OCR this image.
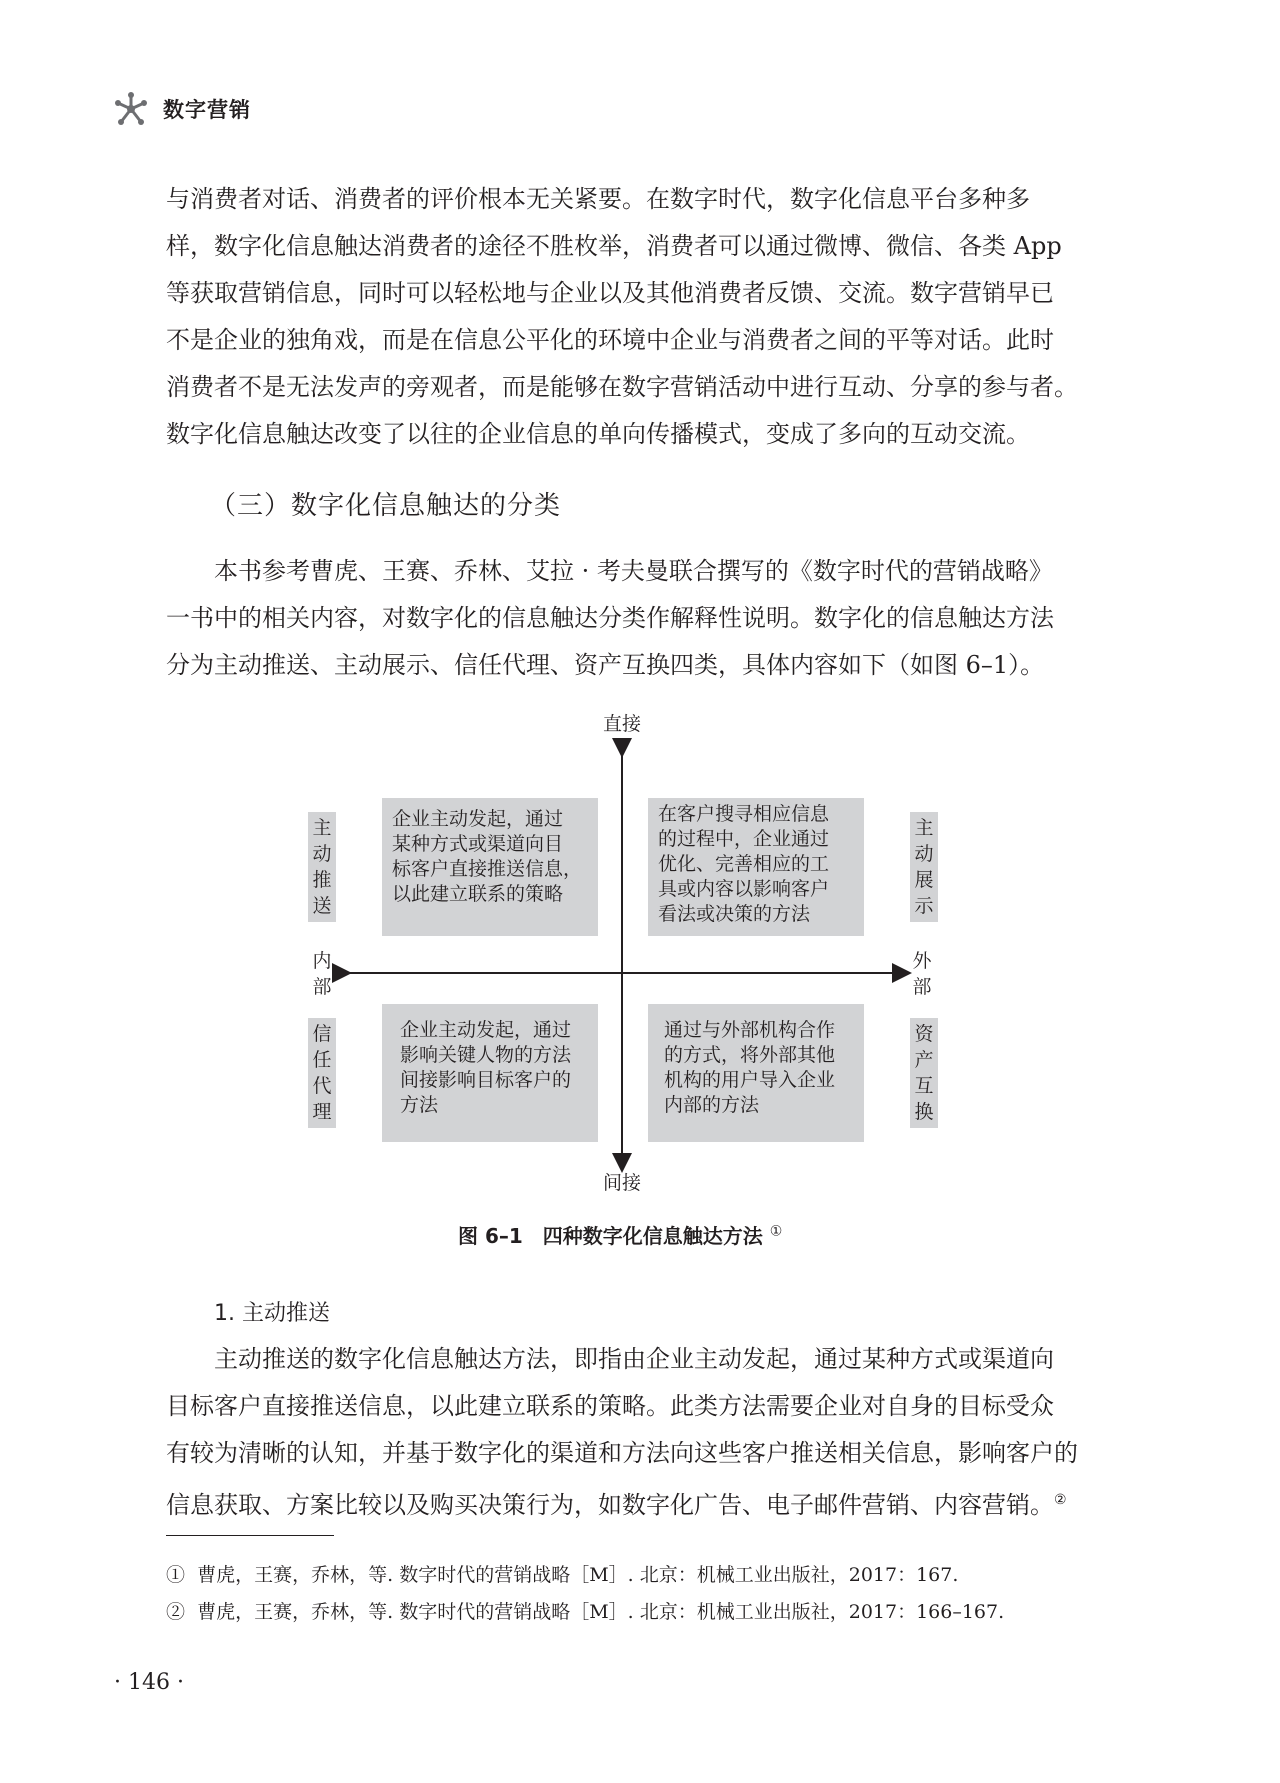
数字营销

与消费者对话、消费者的评价根本无关紧要。在数字时代，数字化信息平台多种多
样，数字化信息触达消费者的途径不胜枚举，消费者可以通过微博、微信、各类 App
等获取营销信息，同时可以轻松地与企业以及其他消费者反馈、交流。数字营销早已
不是企业的独角戏，而是在信息公平化的环境中企业与消费者之间的平等对话。此时
消费者不是无法发声的旁观者，而是能够在数字营销活动中进行互动、分享的参与者。
数字化信息触达改变了以往的企业信息的单向传播模式，变成了多向的互动交流。

（三）数字化信息触达的分类

本书参考曹虎、王赛、乔林、艾拉 · 考夫曼联合撰写的《数字时代的营销战略》
一书中的相关内容，对数字化的信息触达分类作解释性说明。数字化的信息触达方法
分为主动推送、主动展示、信任代理、资产互换四类，具体内容如下（如图 6–1）。

直接
间接
内
部
外
部
主
动
推
送
主
动
展
示
信
任
代
理
资
产
互
换
企业主动发起，通过
某种方式或渠道向目
标客户直接推送信息，
以此建立联系的策略
在客户搜寻相应信息
的过程中，企业通过
优化、完善相应的工
具或内容以影响客户
看法或决策的方法
企业主动发起，通过
影响关键人物的方法
间接影响目标客户的
方法
通过与外部机构合作
的方式，将外部其他
机构的用户导入企业
内部的方法
图 6–1　四种数字化信息触达方法 ①
1. 主动推送

主动推送的数字化信息触达方法，即指由企业主动发起，通过某种方式或渠道向
目标客户直接推送信息，以此建立联系的策略。此类方法需要企业对自身的目标受众
有较为清晰的认知，并基于数字化的渠道和方法向这些客户推送相关信息，影响客户的
信息获取、方案比较以及购买决策行为，如数字化广告、电子邮件营销、内容营销。②

① 曹虎，王赛，乔林，等. 数字时代的营销战略［M］. 北京：机械工业出版社，2017：167.
② 曹虎，王赛，乔林，等. 数字时代的营销战略［M］. 北京：机械工业出版社，2017：166–167.
· 146 ·
